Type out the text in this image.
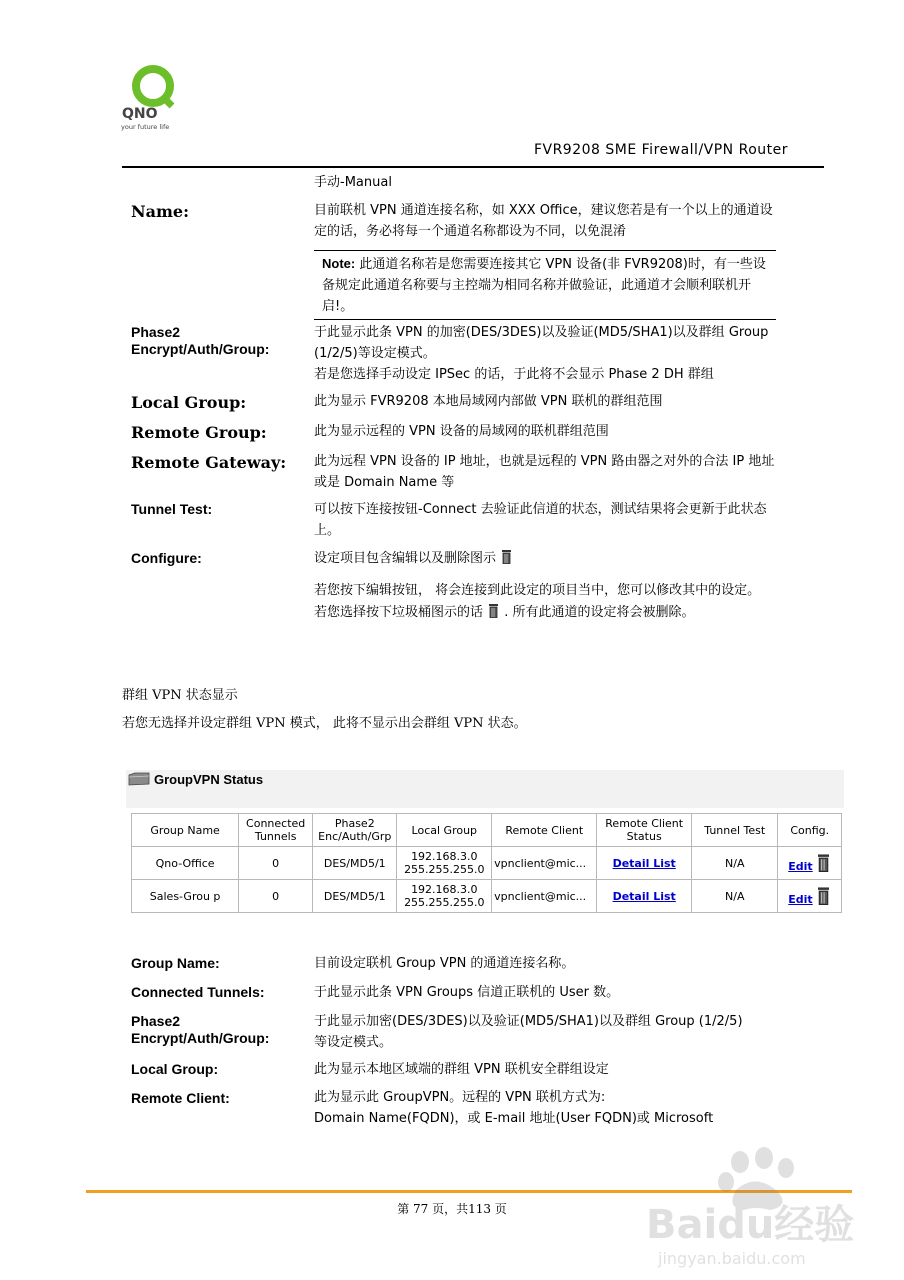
QNO
your future life
FVR9208 SME Firewall/VPN Router
手动-Manual
Name:	目前联机 VPN 通道连接名称，如 XXX Office，建议您若是有一个以上的通道设定的话，务必将每一个通道名称都设为不同，以免混淆
Note: 此通道名称若是您需要连接其它 VPN 设备(非 FVR9208)时，有一些设备规定此通道名称要与主控端为相同名称并做验证，此通道才会顺利联机开启!。
Phase2
Encrypt/Auth/Group:
于此显示此条 VPN 的加密(DES/3DES)以及验证(MD5/SHA1)以及群组 Group (1/2/5)等设定模式。
若是您选择手动设定 IPSec 的话，于此将不会显示 Phase 2 DH 群组
Local Group:	此为显示 FVR9208 本地局域网内部做 VPN 联机的群组范围
Remote Group:	此为显示远程的 VPN 设备的局域网的联机群组范围
Remote Gateway: 此为远程 VPN 设备的 IP 地址，也就是远程的 VPN 路由器之对外的合法 IP 地址或是 Domain Name 等
Tunnel Test:	可以按下连接按钮-Connect 去验证此信道的状态，测试结果将会更新于此状态上。
Configure:	设定项目包含编辑以及删除图示
若您按下编辑按钮， 将会连接到此设定的项目当中，您可以修改其中的设定。 若您选择按下垃圾桶图示的话 . 所有此通道的设定将会被删除。
群组 VPN 状态显示
若您无选择并设定群组 VPN 模式， 此将不显示出会群组 VPN 状态。
GroupVPN Status
Group Name	Connected Tunnels	Phase2 Enc/Auth/Grp	Local Group	Remote Client	Remote Client Status	Tunnel Test	Config.
Qno-Office	0	DES/MD5/1	192.168.3.0
255.255.255.0	vpnclient@mic...	Detail List	N/A	Edit
Sales-Grou p	0	DES/MD5/1	192.168.3.0
255.255.255.0	vpnclient@mic...	Detail List	N/A	Edit
Group Name:	目前设定联机 Group VPN 的通道连接名称。
Connected Tunnels:	于此显示此条 VPN Groups 信道正联机的 User 数。
Phase2
Encrypt/Auth/Group:
于此显示加密(DES/3DES)以及验证(MD5/SHA1)以及群组 Group (1/2/5)等设定模式。
Local Group:	此为显示本地区域端的群组 VPN 联机安全群组设定
Remote Client:	此为显示此 GroupVPN。远程的 VPN 联机方式为:
Domain Name(FQDN)，或 E-mail 地址(User FQDN)或 Microsoft
第 77 页，共113 页	Baidu经验
jingyan.baidu.com
